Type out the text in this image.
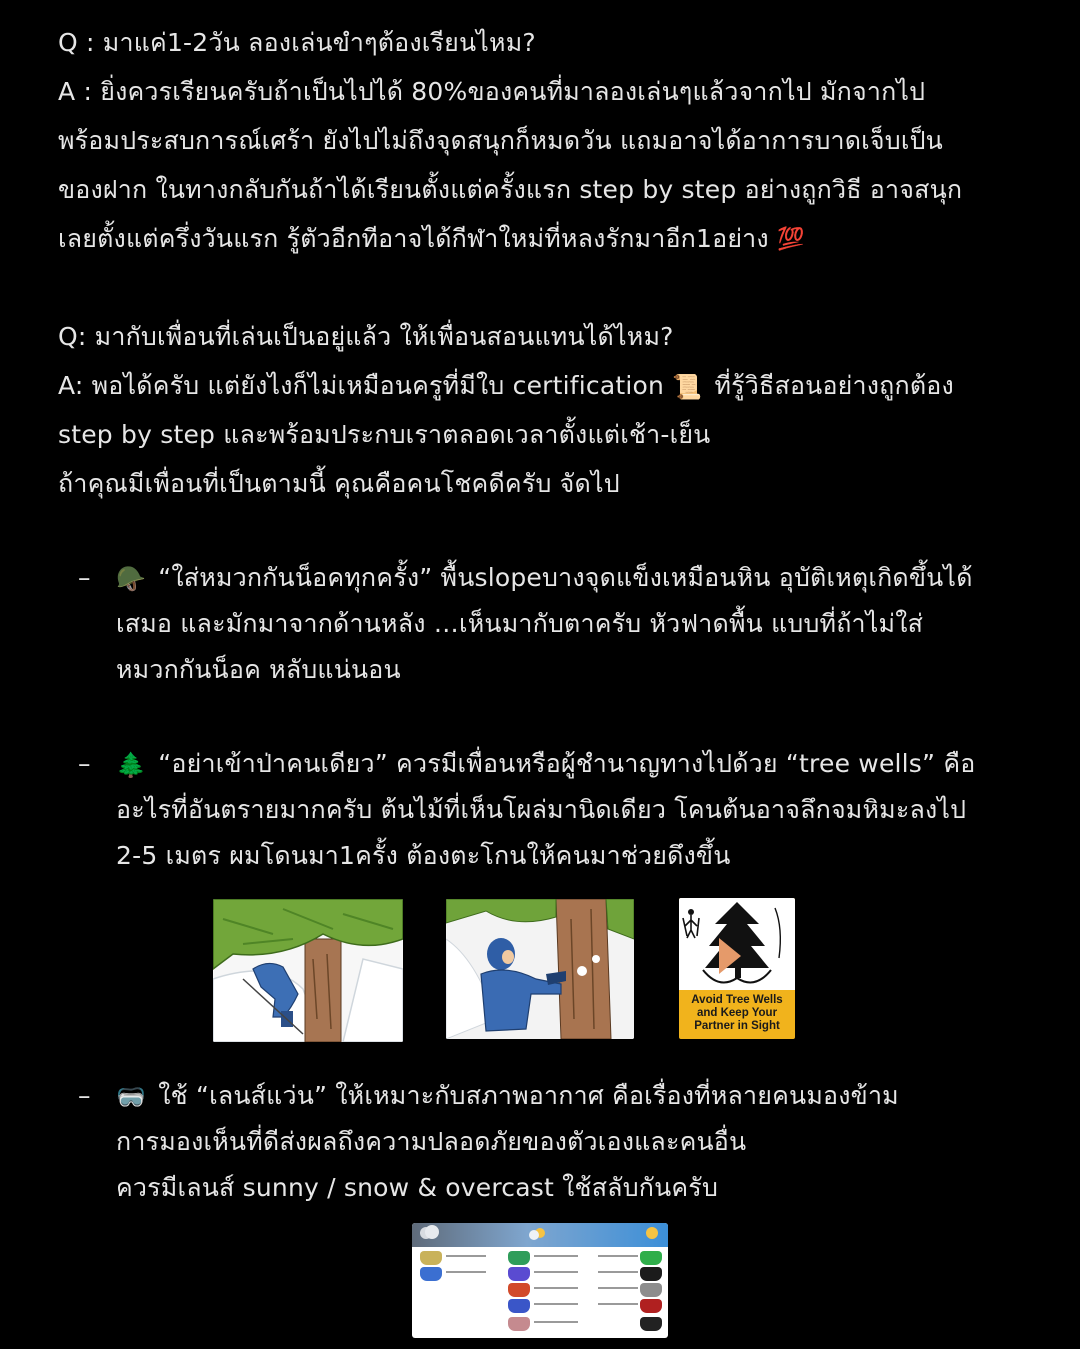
Q : มาแค่1-2วัน ลองเล่นขำๆต้องเรียนไหม?

A : ยิ่งควรเรียนครับถ้าเป็นไปได้ 80%ของคนที่มาลองเล่นๆแล้วจากไป มักจากไป

พร้อมประสบการณ์เศร้า ยังไปไม่ถึงจุดสนุกก็หมดวัน แถมอาจได้อาการบาดเจ็บเป็น

ของฝาก ในทางกลับกันถ้าได้เรียนตั้งแต่ครั้งแรก step by step อย่างถูกวิธี อาจสนุก

เลยตั้งแต่ครึ่งวันแรก รู้ตัวอีกทีอาจได้กีฬาใหม่ที่หลงรักมาอีก1อย่าง 💯

Q: มากับเพื่อนที่เล่นเป็นอยู่แล้ว ให้เพื่อนสอนแทนได้ไหม?

A: พอได้ครับ แต่ยังไงก็ไม่เหมือนครูที่มีใบ certification 📜 ที่รู้วิธีสอนอย่างถูกต้อง

step by step และพร้อมประกบเราตลอดเวลาตั้งแต่เช้า-เย็น

ถ้าคุณมีเพื่อนที่เป็นตามนี้ คุณคือคนโชคดีครับ จัดไป

– 🪖 “ใส่หมวกกันน็อคทุกครั้ง” พื้นslopeบางจุดแข็งเหมือนหิน อุบัติเหตุเกิดขึ้นได้

เสมอ และมักมาจากด้านหลัง …เห็นมากับตาครับ หัวฟาดพื้น แบบที่ถ้าไม่ใส่

หมวกกันน็อค หลับแน่นอน

– 🌲 “อย่าเข้าป่าคนเดียว” ควรมีเพื่อนหรือผู้ชำนาญทางไปด้วย “tree wells” คือ

อะไรที่อันตรายมากครับ ต้นไม้ที่เห็นโผล่มานิดเดียว โคนต้นอาจลึกจมหิมะลงไป

2-5 เมตร ผมโดนมา1ครั้ง ต้องตะโกนให้คนมาช่วยดึงขึ้น

Avoid Tree Wells
and Keep Your
Partner in Sight
– 🥽 ใช้ “เลนส์แว่น” ให้เหมาะกับสภาพอากาศ คือเรื่องที่หลายคนมองข้าม

การมองเห็นที่ดีส่งผลถึงความปลอดภัยของตัวเองและคนอื่น

ควรมีเลนส์ sunny / snow & overcast ใช้สลับกันครับ
